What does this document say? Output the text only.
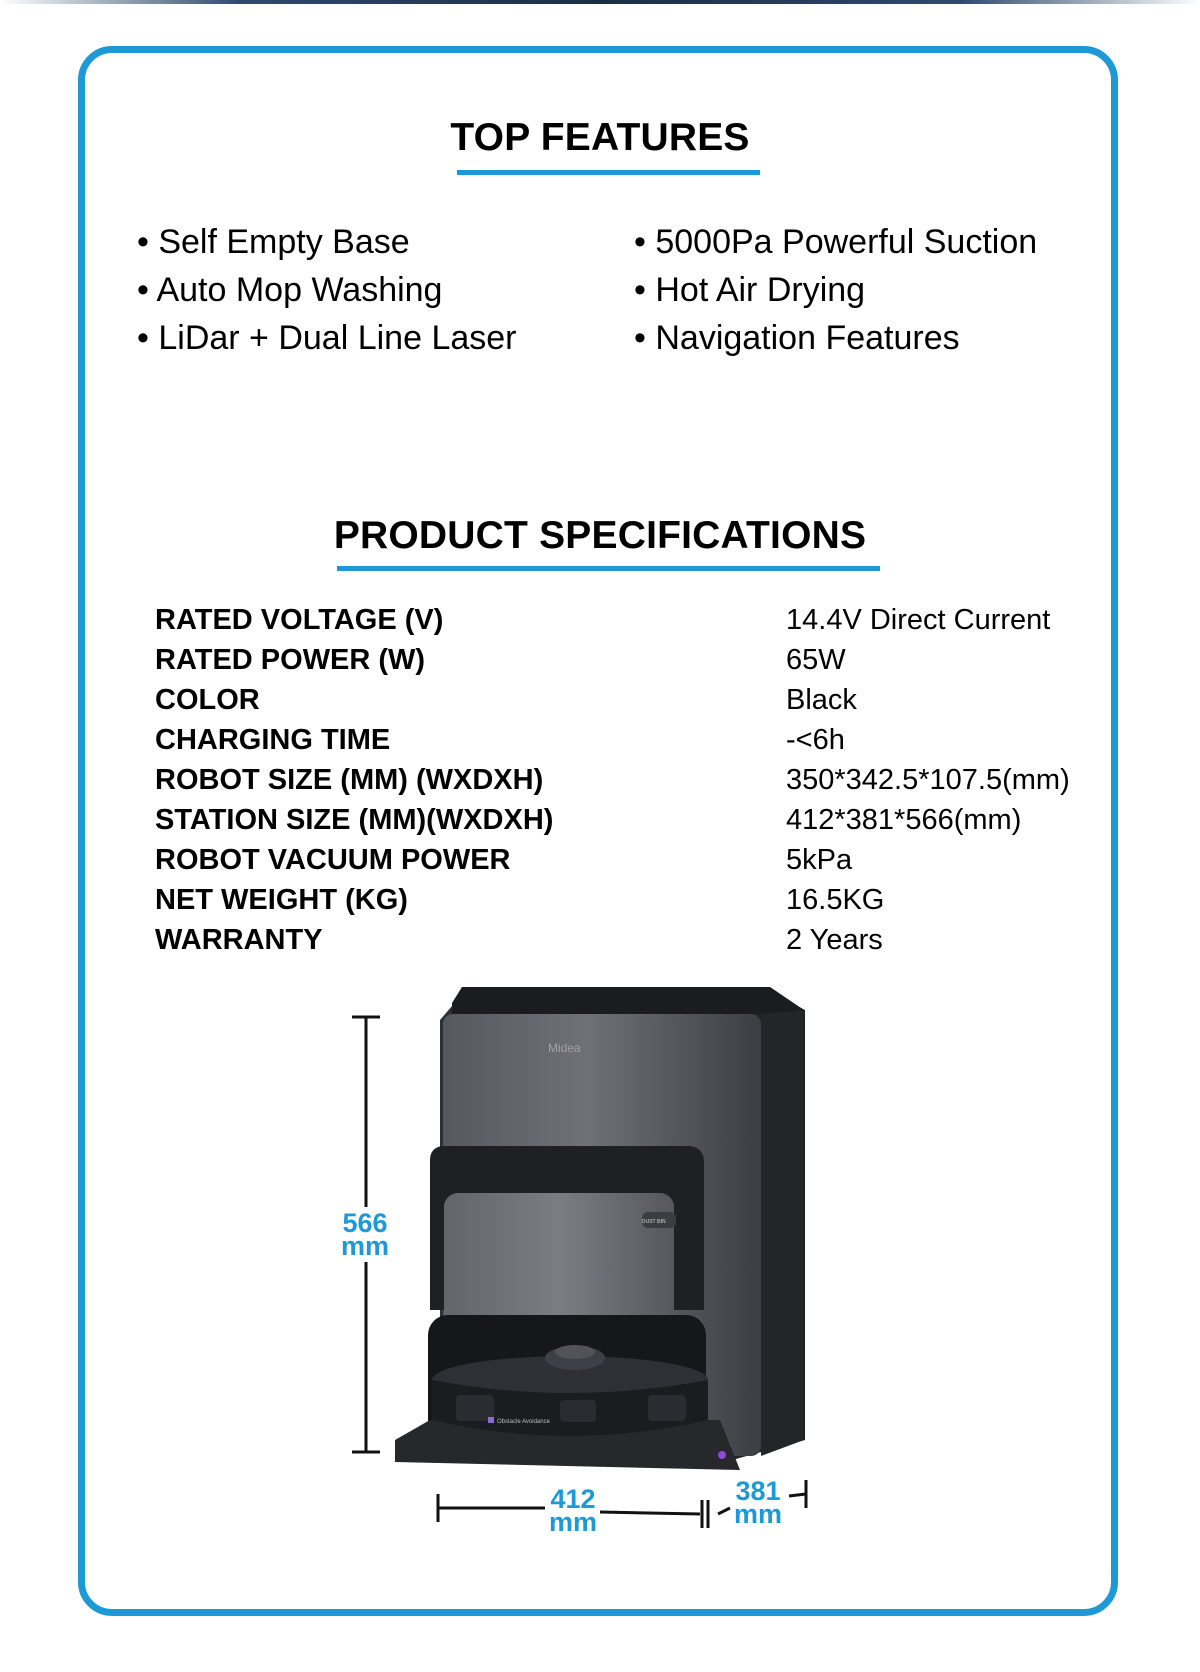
TOP FEATURES
• Self Empty Base
• Auto Mop Washing
• LiDar + Dual Line Laser
• 5000Pa Powerful Suction
• Hot Air Drying
• Navigation Features
PRODUCT SPECIFICATIONS
RATED VOLTAGE (V)
RATED POWER (W)
COLOR
CHARGING TIME
ROBOT SIZE (MM) (WXDXH)
STATION SIZE (MM)(WXDXH)
ROBOT VACUUM POWER
NET WEIGHT (KG)
WARRANTY
14.4V Direct Current
65W
Black
-<6h
350*342.5*107.5(mm)
412*381*566(mm)
5kPa
16.5KG
2 Years
Obstacle Avoidance
Midea
DUST BIN
566
mm
412
mm
381
mm
